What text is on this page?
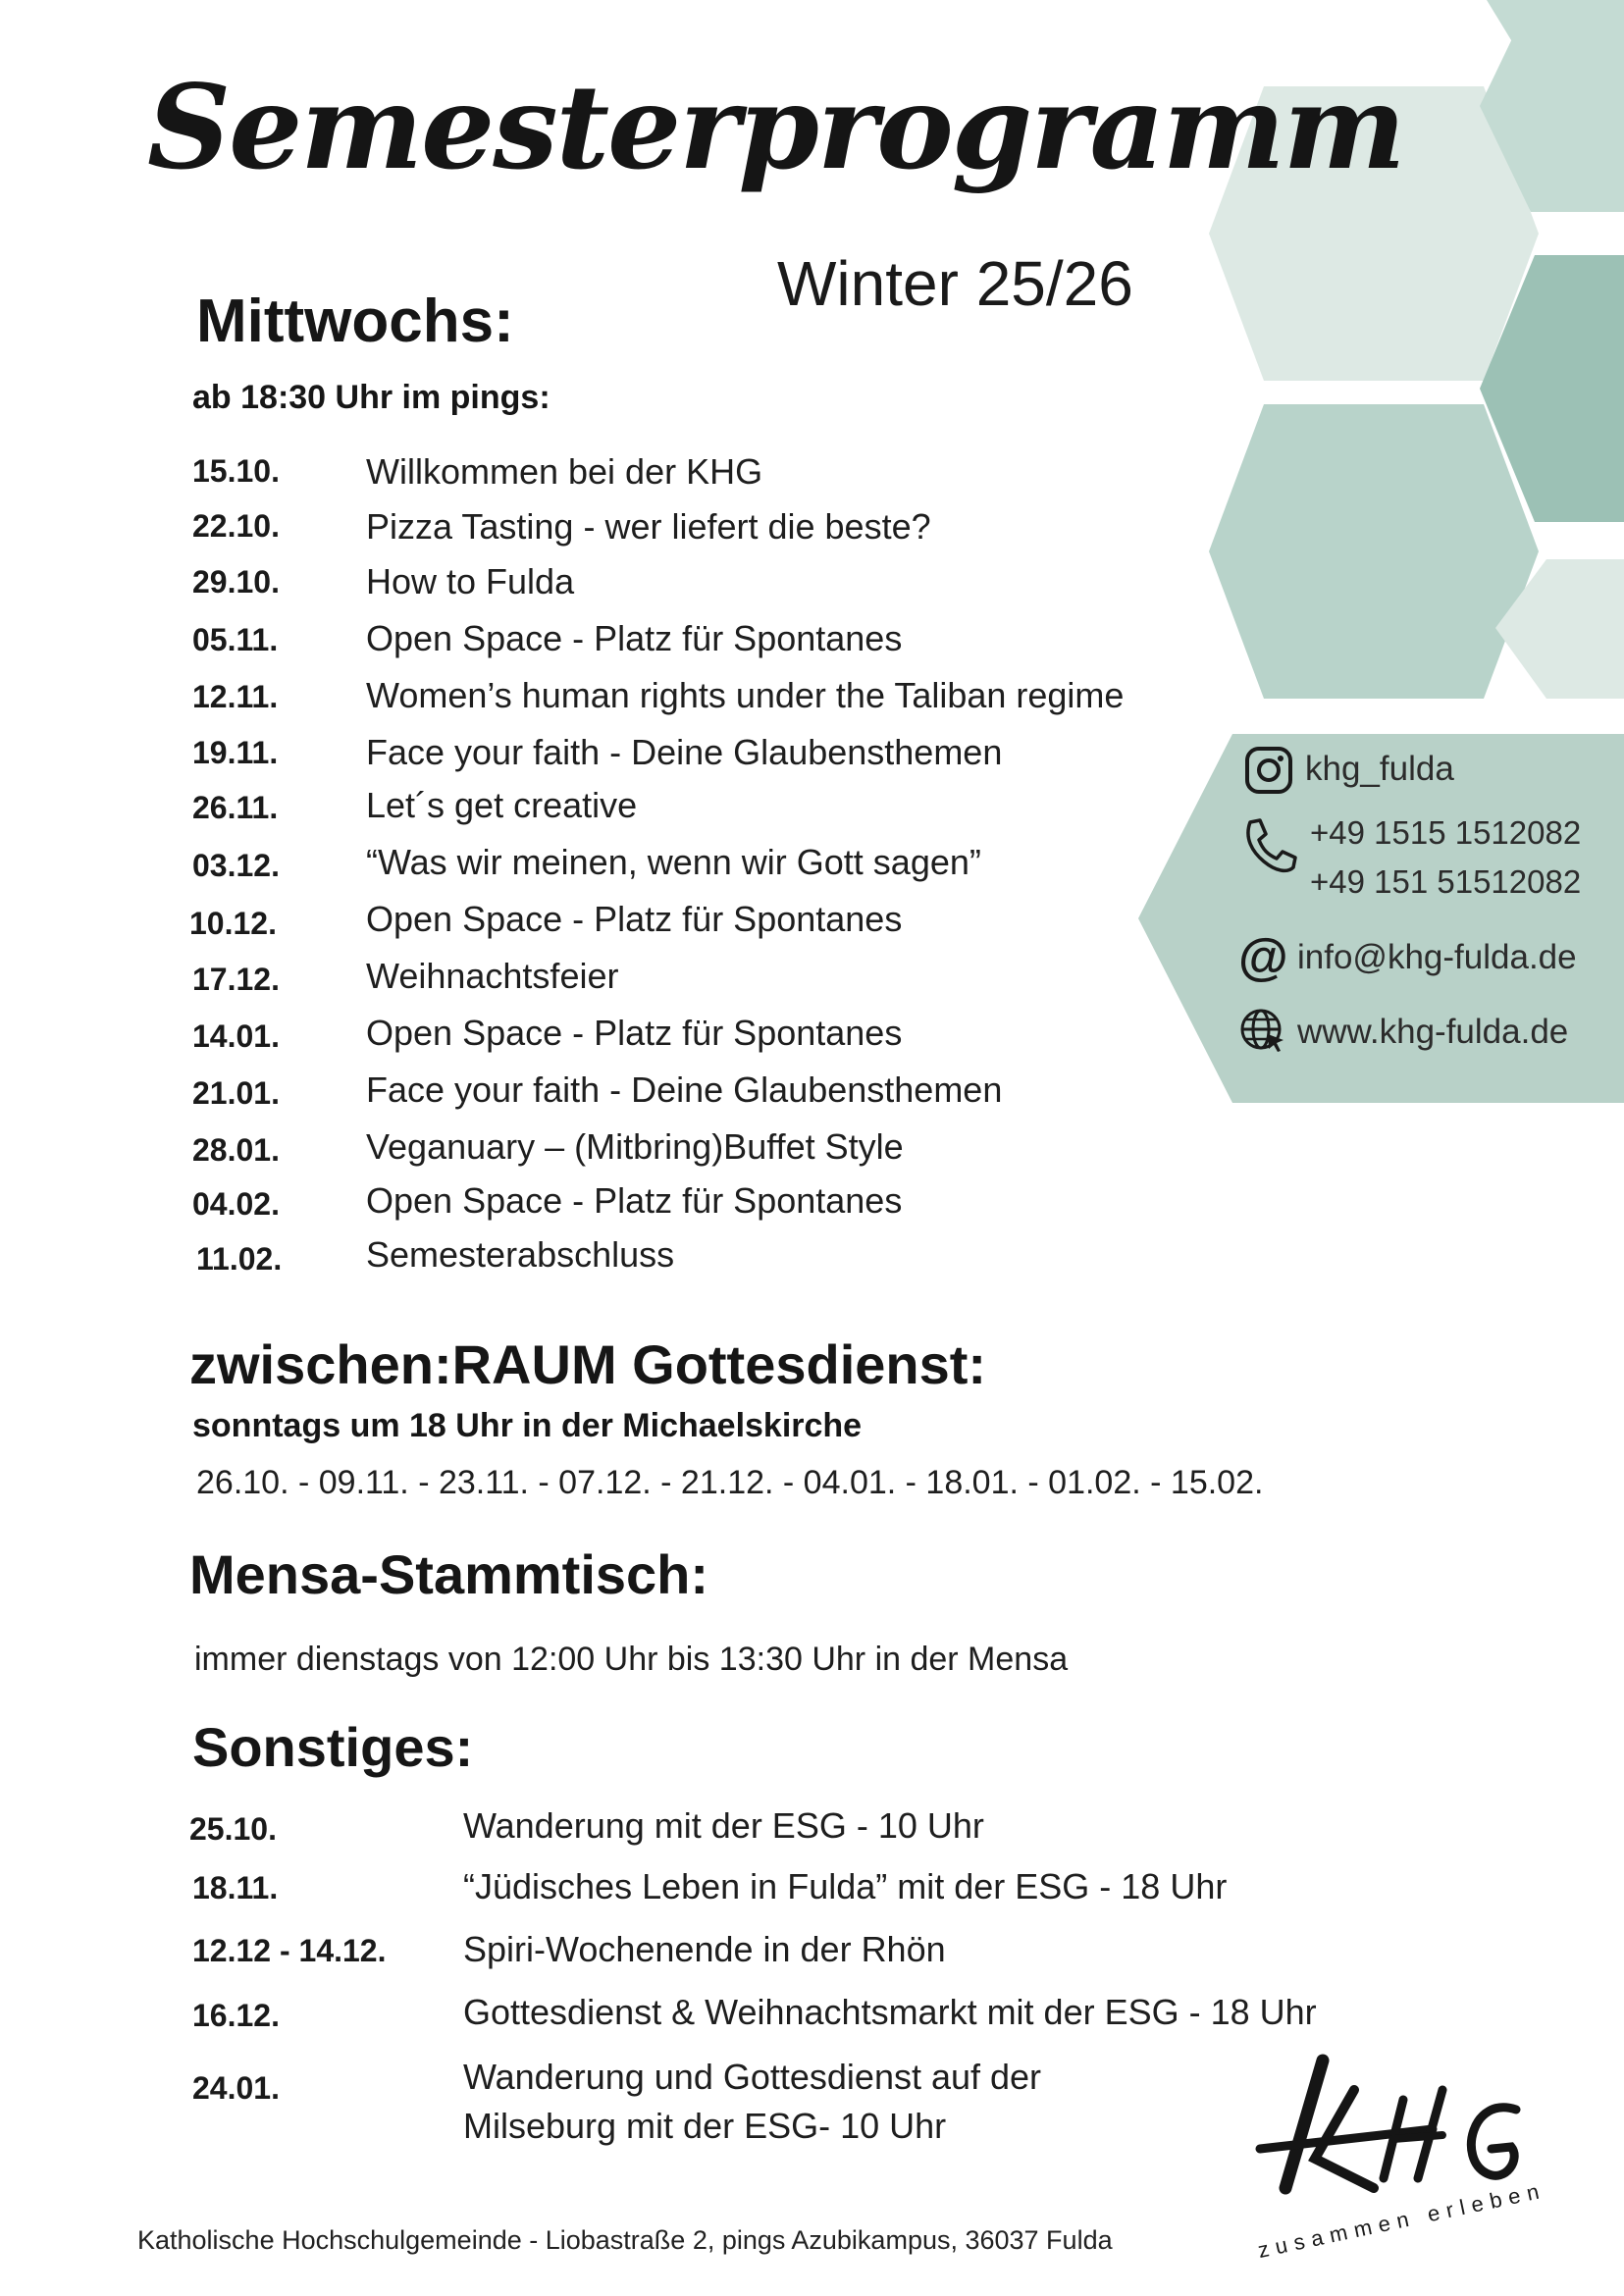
Semesterprogramm
Winter 25/26
Mittwochs:
ab 18:30 Uhr im pings:
15.10. Willkommen bei der KHG
22.10. Pizza Tasting - wer liefert die beste?
29.10. How to Fulda
05.11. Open Space - Platz für Spontanes
12.11. Women’s human rights under the Taliban regime
19.11. Face your faith - Deine Glaubensthemen
26.11. Let´s get creative
03.12. “Was wir meinen, wenn wir Gott sagen”
10.12.	Open Space - Platz für Spontanes
17.12. Weihnachtsfeier
14.01. Open Space - Platz für Spontanes
21.01. Face your faith - Deine Glaubensthemen
28.01. Veganuary – (Mitbring)Buffet Style
04.02. Open Space - Platz für Spontanes
11.02. Semesterabschluss
khg_fulda
+49 1515 1512082
+49 151 51512082
@ info@khg-fulda.de
www.khg-fulda.de
zwischen:RAUM Gottesdienst:
sonntags um 18 Uhr in der Michaelskirche
26.10. - 09.11. - 23.11. - 07.12. - 21.12. - 04.01. - 18.01. - 01.02. - 15.02.
Mensa-Stammtisch:
immer dienstags von 12:00 Uhr bis 13:30 Uhr in der Mensa
Sonstiges:
25.10.	Wanderung mit der ESG - 10 Uhr
18.11.	“Jüdisches Leben in Fulda” mit der ESG - 18 Uhr
12.12 - 14.12. Spiri-Wochenende in der Rhön
16.12.	Gottesdienst & Weihnachtsmarkt mit der ESG - 18 Uhr
24.01.	Wanderung und Gottesdienst auf der
Milseburg mit der ESG- 10 Uhr
zusammen erleben
Katholische Hochschulgemeinde - Liobastraße 2, pings Azubikampus, 36037 Fulda
